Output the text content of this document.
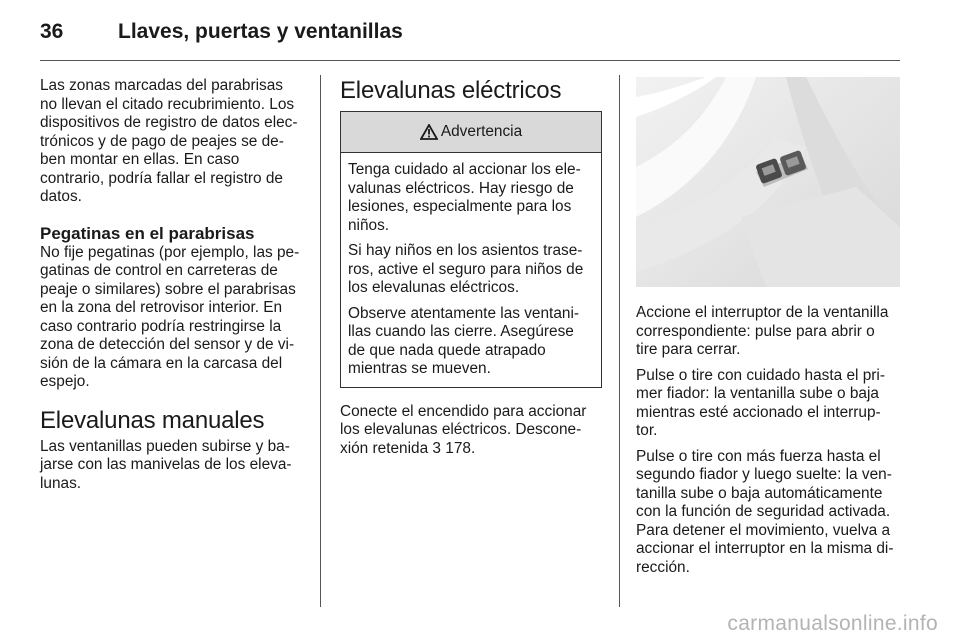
36	Llaves, puertas y ventanillas

Las zonas marcadas del parabrisas no llevan el citado recubrimiento. Los dispositivos de registro de datos elec-trónicos y de pago de peajes se de-ben montar en ellas. En caso contrario, podría fallar el registro de datos.

Pegatinas en el parabrisas

No fije pegatinas (por ejemplo, las pe-gatinas de control en carreteras de peaje o similares) sobre el parabrisas en la zona del retrovisor interior. En caso contrario podría restringirse la zona de detección del sensor y de vi-sión de la cámara en la carcasa del espejo.

Elevalunas manuales

Las ventanillas pueden subirse y ba-jarse con las manivelas de los eleva-lunas.

Elevalunas eléctricos
Advertencia

Tenga cuidado al accionar los ele-valunas eléctricos. Hay riesgo de lesiones, especialmente para los niños.

Si hay niños en los asientos trase-ros, active el seguro para niños de los elevalunas eléctricos.

Observe atentamente las ventani-llas cuando las cierre. Asegúrese de que nada quede atrapado mientras se mueven.

Conecte el encendido para accionar los elevalunas eléctricos. Descone-xión retenida 3 178.

Accione el interruptor de la ventanilla correspondiente: pulse para abrir o tire para cerrar.

Pulse o tire con cuidado hasta el pri-mer fiador: la ventanilla sube o baja mientras esté accionado el interrup-tor.

Pulse o tire con más fuerza hasta el segundo fiador y luego suelte: la ven-tanilla sube o baja automáticamente con la función de seguridad activada. Para detener el movimiento, vuelva a accionar el interruptor en la misma di-rección.

carmanualsonline.info
